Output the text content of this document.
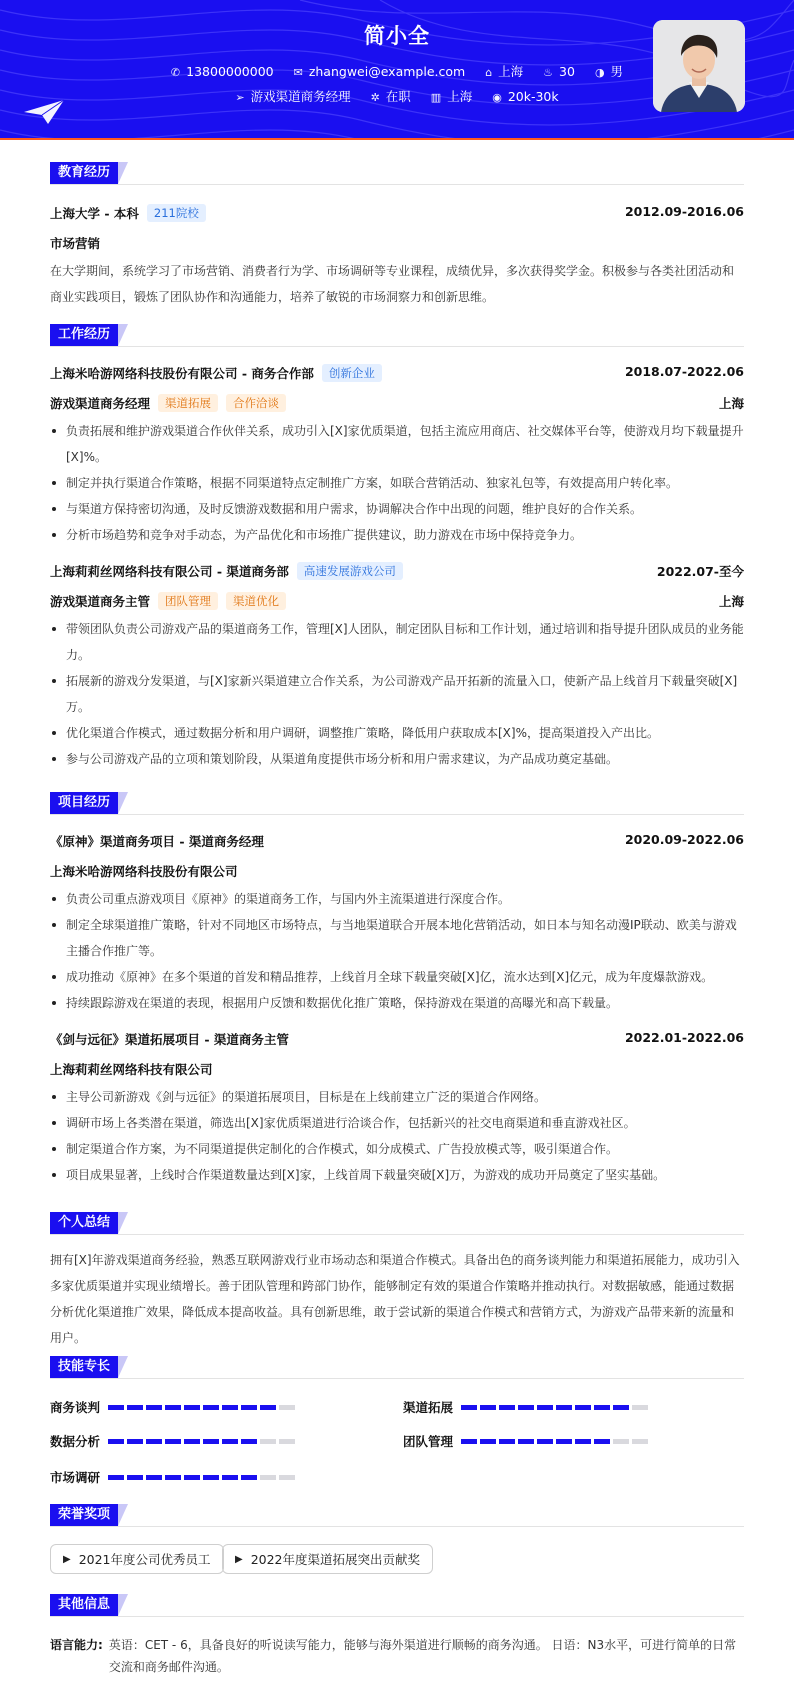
简小全
✆ 13800000000 ✉ zhangwei@example.com ⌂ 上海 ♨ 30 ◑ 男
➢ 游戏渠道商务经理 ✲ 在职 ▥ 上海 ◉ 20k-30k
教育经历
上海大学 - 本科 211院校	2012.09-2016.06
市场营销
在大学期间，系统学习了市场营销、消费者行为学、市场调研等专业课程，成绩优异，多次获得奖学金。积极参与各类社团活动和商业实践项目，锻炼了团队协作和沟通能力，培养了敏锐的市场洞察力和创新思维。
工作经历
上海米哈游网络科技股份有限公司 - 商务合作部 创新企业	2018.07-2022.06
游戏渠道商务经理 渠道拓展 合作洽谈	上海
负责拓展和维护游戏渠道合作伙伴关系，成功引入[X]家优质渠道，包括主流应用商店、社交媒体平台等，使游戏月均下载量提升[X]%。
制定并执行渠道合作策略，根据不同渠道特点定制推广方案，如联合营销活动、独家礼包等，有效提高用户转化率。
与渠道方保持密切沟通，及时反馈游戏数据和用户需求，协调解决合作中出现的问题，维护良好的合作关系。
分析市场趋势和竞争对手动态，为产品优化和市场推广提供建议，助力游戏在市场中保持竞争力。
上海莉莉丝网络科技有限公司 - 渠道商务部 高速发展游戏公司	2022.07-至今
游戏渠道商务主管 团队管理 渠道优化	上海
带领团队负责公司游戏产品的渠道商务工作，管理[X]人团队，制定团队目标和工作计划，通过培训和指导提升团队成员的业务能力。
拓展新的游戏分发渠道，与[X]家新兴渠道建立合作关系，为公司游戏产品开拓新的流量入口，使新产品上线首月下载量突破[X]万。
优化渠道合作模式，通过数据分析和用户调研，调整推广策略，降低用户获取成本[X]%，提高渠道投入产出比。
参与公司游戏产品的立项和策划阶段，从渠道角度提供市场分析和用户需求建议，为产品成功奠定基础。
项目经历
《原神》渠道商务项目 - 渠道商务经理	2020.09-2022.06
上海米哈游网络科技股份有限公司
负责公司重点游戏项目《原神》的渠道商务工作，与国内外主流渠道进行深度合作。
制定全球渠道推广策略，针对不同地区市场特点，与当地渠道联合开展本地化营销活动，如日本与知名动漫IP联动、欧美与游戏主播合作推广等。
成功推动《原神》在多个渠道的首发和精品推荐，上线首月全球下载量突破[X]亿，流水达到[X]亿元，成为年度爆款游戏。
持续跟踪游戏在渠道的表现，根据用户反馈和数据优化推广策略，保持游戏在渠道的高曝光和高下载量。
《剑与远征》渠道拓展项目 - 渠道商务主管	2022.01-2022.06
上海莉莉丝网络科技有限公司
主导公司新游戏《剑与远征》的渠道拓展项目，目标是在上线前建立广泛的渠道合作网络。
调研市场上各类潜在渠道，筛选出[X]家优质渠道进行洽谈合作，包括新兴的社交电商渠道和垂直游戏社区。
制定渠道合作方案，为不同渠道提供定制化的合作模式，如分成模式、广告投放模式等，吸引渠道合作。
项目成果显著，上线时合作渠道数量达到[X]家，上线首周下载量突破[X]万，为游戏的成功开局奠定了坚实基础。
个人总结
拥有[X]年游戏渠道商务经验，熟悉互联网游戏行业市场动态和渠道合作模式。具备出色的商务谈判能力和渠道拓展能力，成功引入多家优质渠道并实现业绩增长。善于团队管理和跨部门协作，能够制定有效的渠道合作策略并推动执行。对数据敏感，能通过数据分析优化渠道推广效果，降低成本提高收益。具有创新思维，敢于尝试新的渠道合作模式和营销方式，为游戏产品带来新的流量和用户。
技能专长
商务谈判	渠道拓展
数据分析	团队管理
市场调研
荣誉奖项
▶ 2021年度公司优秀员工 ▶ 2022年度渠道拓展突出贡献奖
其他信息
语言能力: 英语：CET - 6，具备良好的听说读写能力，能够与海外渠道进行顺畅的商务沟通。 日语：N3水平，可进行简单的日常交流和商务邮件沟通。
